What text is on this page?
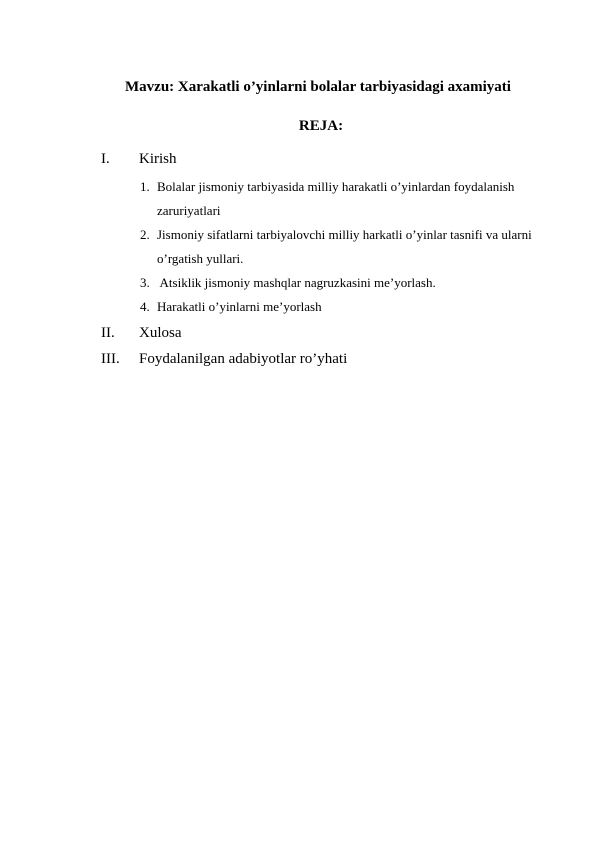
Mavzu: Xarakatli o’yinlarni bolalar tarbiyasidagi axamiyati
REJA:
I. Kirish
1. Bolalar jismoniy tarbiyasida milliy harakatli o’yinlardan foydalanish zaruriyatlari
2. Jismoniy sifatlarni tarbiyalovchi milliy harkatli o’yinlar tasnifi va ularni o’rgatish yullari.
3. Atsiklik jismoniy mashqlar nagruzkasini me’yorlash.
4. Harakatli o’yinlarni me’yorlash
II. Xulosa
III. Foydalanilgan adabiyotlar ro’yhati
